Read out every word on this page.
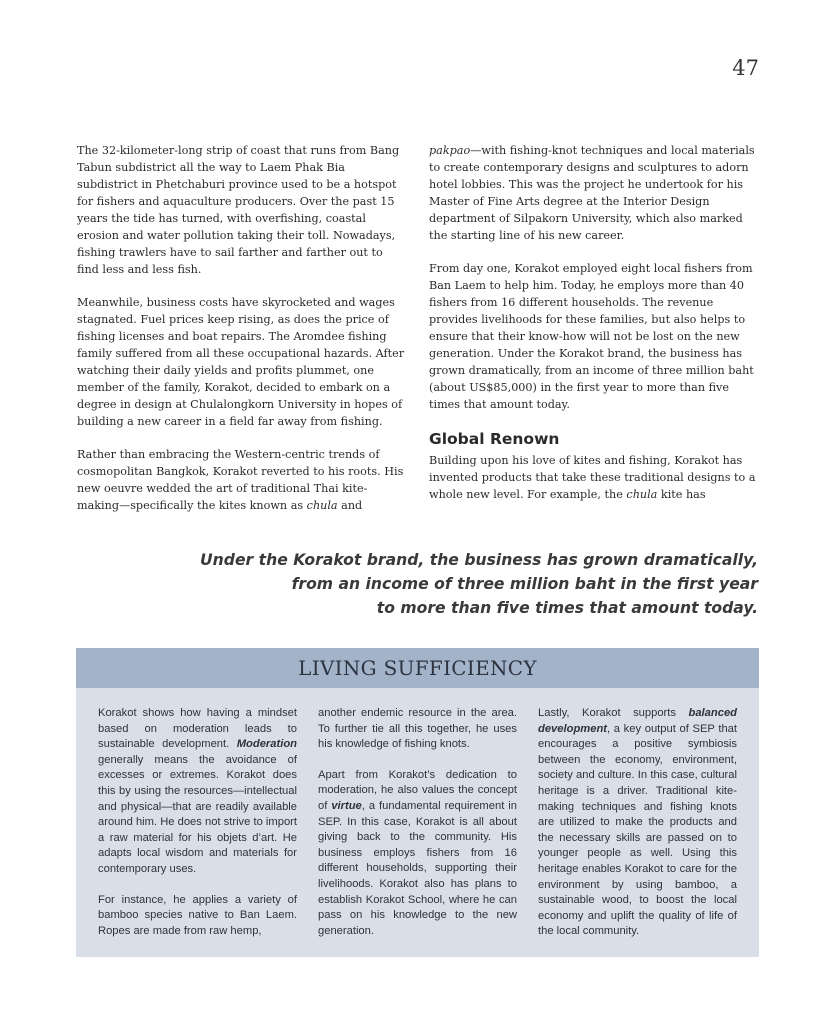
47

The 32-kilometer-long strip of coast that runs from Bang Tabun subdistrict all the way to Laem Phak Bia subdistrict in Phetchaburi province used to be a hotspot for fishers and aquaculture producers. Over the past 15 years the tide has turned, with overfishing, coastal erosion and water pollution taking their toll. Nowadays, fishing trawlers have to sail farther and farther out to find less and less fish.

Meanwhile, business costs have skyrocketed and wages stagnated. Fuel prices keep rising, as does the price of fishing licenses and boat repairs. The Aromdee fishing family suffered from all these occupational hazards. After watching their daily yields and profits plummet, one member of the family, Korakot, decided to embark on a degree in design at Chulalongkorn University in hopes of building a new career in a field far away from fishing.

Rather than embracing the Western-centric trends of cosmopolitan Bangkok, Korakot reverted to his roots. His new oeuvre wedded the art of traditional Thai kite-making—specifically the kites known as chula and

pakpao—with fishing-knot techniques and local materials to create contemporary designs and sculptures to adorn hotel lobbies. This was the project he undertook for his Master of Fine Arts degree at the Interior Design department of Silpakorn University, which also marked the starting line of his new career.

From day one, Korakot employed eight local fishers from Ban Laem to help him. Today, he employs more than 40 fishers from 16 different households. The revenue provides livelihoods for these families, but also helps to ensure that their know-how will not be lost on the new generation. Under the Korakot brand, the business has grown dramatically, from an income of three million baht (about US$85,000) in the first year to more than five times that amount today.

Global Renown

Building upon his love of kites and fishing, Korakot has invented products that take these traditional designs to a whole new level. For example, the chula kite has

Under the Korakot brand, the business has grown dramatically,
from an income of three million baht in the first year
to more than five times that amount today.
LIVING SUFFICIENCY

Korakot shows how having a mindset based on moderation leads to sustainable development. Moderation generally means the avoidance of excesses or extremes. Korakot does this by using the resources—intellectual and physical—that are readily available around him. He does not strive to import a raw material for his objets d’art. He adapts local wisdom and materials for contemporary uses.

For instance, he applies a variety of bamboo species native to Ban Laem. Ropes are made from raw hemp,

another endemic resource in the area. To further tie all this together, he uses his knowledge of fishing knots.

Apart from Korakot’s dedication to moderation, he also values the concept of virtue, a fundamental requirement in SEP. In this case, Korakot is all about giving back to the community. His business employs fishers from 16 different households, supporting their livelihoods. Korakot also has plans to establish Korakot School, where he can pass on his knowledge to the new generation.

Lastly, Korakot supports balanced development, a key output of SEP that encourages a positive symbiosis between the economy, environment, society and culture. In this case, cultural heritage is a driver. Traditional kite-making techniques and fishing knots are utilized to make the products and the necessary skills are passed on to younger people as well. Using this heritage enables Korakot to care for the environment by using bamboo, a sustainable wood, to boost the local economy and uplift the quality of life of the local community.
